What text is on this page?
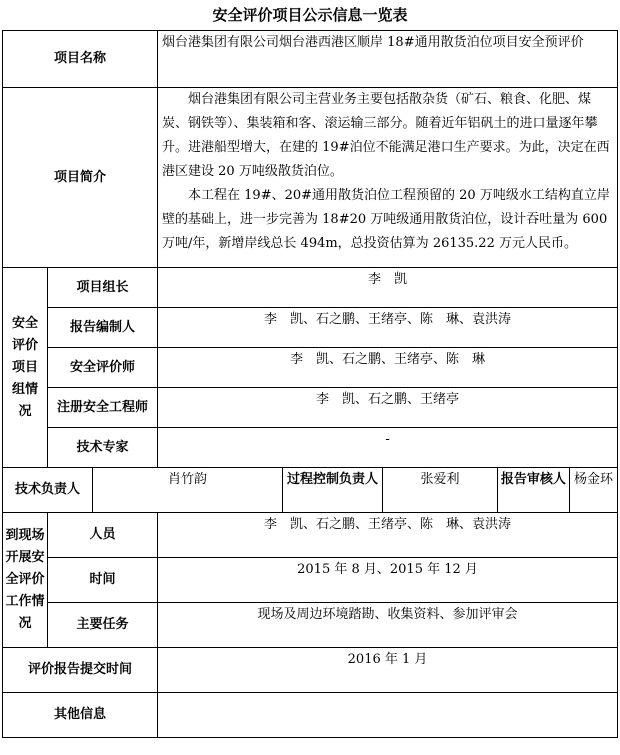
安全评价项目公示信息一览表
项目名称			烟台港集团有限公司烟台港西港区顺岸 18#通用散货泊位项目安全预评价			
项目简介			烟台港集团有限公司主营业务主要包括散杂货（矿石、粮食、化肥、煤炭、钢铁等）、集装箱和客、滚运输三部分。随着近年铝矾土的进口量逐年攀升。进港船型增大，在建的 19#泊位不能满足港口生产要求。为此，决定在西港区建设 20 万吨级散货泊位。

本工程在 19#、20#通用散货泊位工程预留的 20 万吨级水工结构直立岸壁的基础上，进一步完善为 18#20 万吨级通用散货泊位，设计吞吐量为 600 万吨/年，新增岸线总长 494m，总投资估算为 26135.22 万元人民币。			

安全评价项目组情况	项目组长		李　凯			
	报告编制人		李　凯、石之鹏、王绪亭、陈　琳、袁洪涛			
	安全评价师		李　凯、石之鹏、王绪亭、陈　琳			
	注册安全工程师		李　凯、石之鹏、王绪亭			
	技术专家		-			
技术负责人		肖竹韵		过程控制负责人	张爱利	报告审核人 杨金环

到现场开展安全评价工作情况	人员		李　凯、石之鹏、王绪亭、陈　琳、袁洪涛			
	时间		2015 年 8 月、2015 年 12 月			
	主要任务		现场及周边环境踏勘、收集资料、参加评审会			
评价报告提交时间			2016 年 1 月			
其他信息						
